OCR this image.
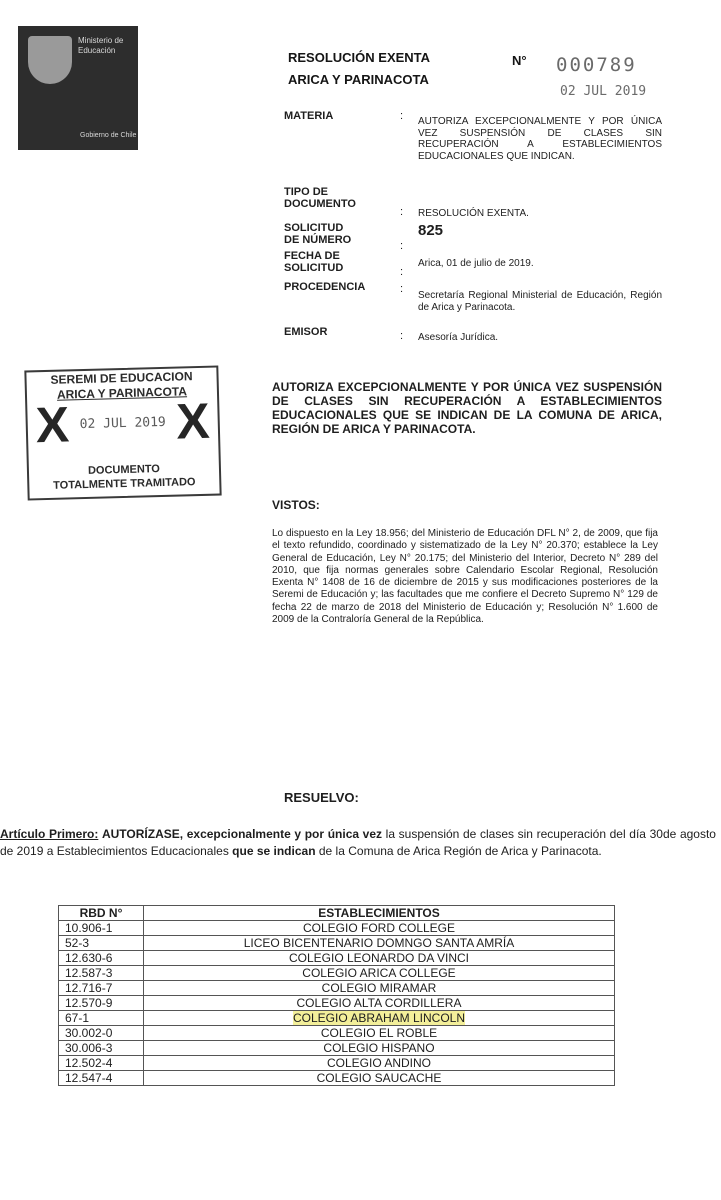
Ministerio de
Educación
Gobierno de Chile
RESOLUCIÓN EXENTA
ARICA Y PARINACOTA
N° 000789
02 JUL 2019
MATERIA	: AUTORIZA EXCEPCIONALMENTE Y POR ÚNICA VEZ SUSPENSIÓN DE CLASES SIN RECUPERACIÓN A ESTABLECIMIENTOS EDUCACIONALES QUE INDICAN.
TIPO DE
DOCUMENTO
: RESOLUCIÓN EXENTA.
SOLICITUD
DE NÚMERO	:
825
FECHA DE
SOLICITUD	:
Arica, 01 de julio de 2019.
PROCEDENCIA	:
Secretaría Regional Ministerial de Educación, Región de Arica y Parinacota.
EMISOR	: Asesoría Jurídica.
SEREMI DE EDUCACION
ARICA Y PARINACOTA
X 02 JUL 2019 X
DOCUMENTO
TOTALMENTE TRAMITADO
AUTORIZA EXCEPCIONALMENTE Y POR ÚNICA VEZ SUSPENSIÓN DE CLASES SIN RECUPERACIÓN A ESTABLECIMIENTOS EDUCACIONALES QUE SE INDICAN DE LA COMUNA DE ARICA, REGIÓN DE ARICA Y PARINACOTA.
VISTOS:
Lo dispuesto en la Ley 18.956; del Ministerio de Educación DFL N° 2, de 2009, que fija el texto refundido, coordinado y sistematizado de la Ley N° 20.370; establece la Ley General de Educación, Ley N° 20.175; del Ministerio del Interior, Decreto N° 289 del 2010, que fija normas generales sobre Calendario Escolar Regional, Resolución Exenta N° 1408 de 16 de diciembre de 2015 y sus modificaciones posteriores de la Seremi de Educación y; las facultades que me confiere el Decreto Supremo N° 129 de fecha 22 de marzo de 2018 del Ministerio de Educación y; Resolución N° 1.600 de 2009 de la Contraloría General de la República.
RESUELVO:
Artículo Primero: AUTORÍZASE, excepcionalmente y por única vez la suspensión de clases sin recuperación del día 30de agosto de 2019 a Establecimientos Educacionales que se indican de la Comuna de Arica Región de Arica y Parinacota.
RBD N°	ESTABLECIMIENTOS
10.906-1	COLEGIO FORD COLLEGE
52-3	LICEO BICENTENARIO DOMNGO SANTA AMRÍA
12.630-6	COLEGIO LEONARDO DA VINCI
12.587-3	COLEGIO ARICA COLLEGE
12.716-7	COLEGIO MIRAMAR
12.570-9	COLEGIO ALTA CORDILLERA
67-1	COLEGIO ABRAHAM LINCOLN
30.002-0	COLEGIO EL ROBLE
30.006-3	COLEGIO HISPANO
12.502-4	COLEGIO ANDINO
12.547-4	COLEGIO SAUCACHE
